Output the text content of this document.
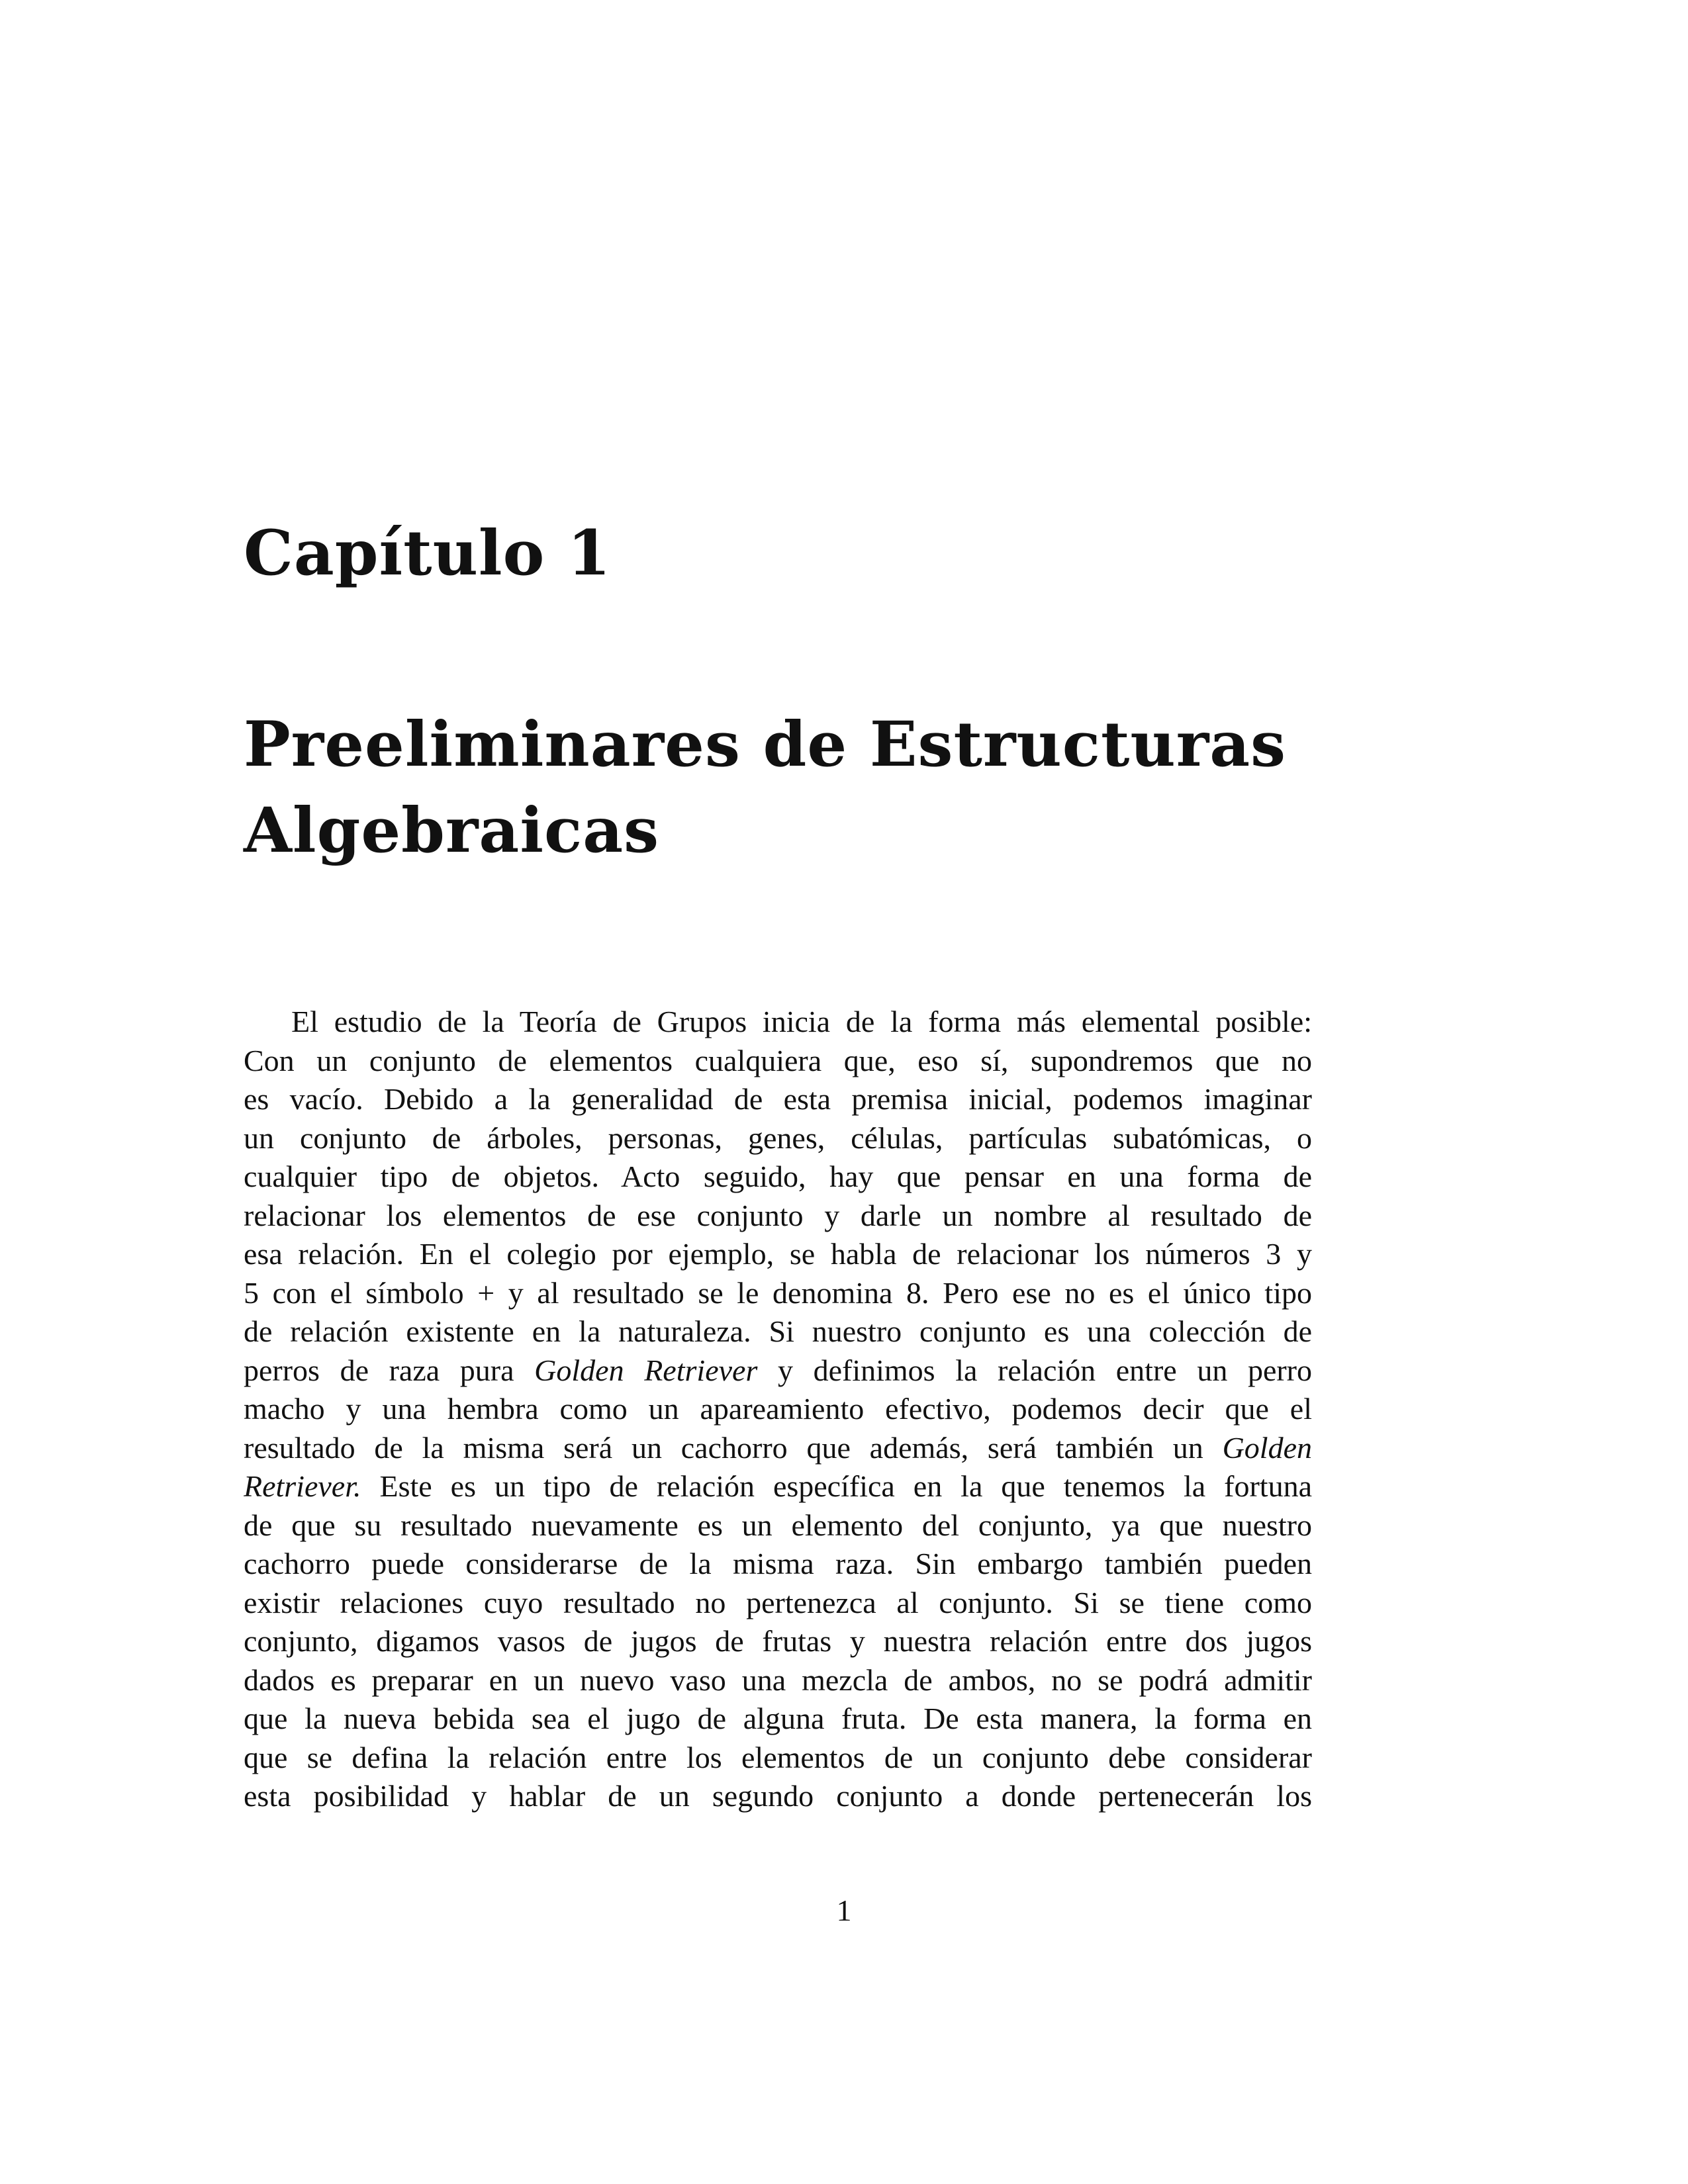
Capítulo 1
Preeliminares de Estructuras
Algebraicas
El estudio de la Teoría de Grupos inicia de la forma más elemental posible:
Con un conjunto de elementos cualquiera que, eso sí, supondremos que no
es vacío. Debido a la generalidad de esta premisa inicial, podemos imaginar
un conjunto de árboles, personas, genes, células, partículas subatómicas, o
cualquier tipo de objetos. Acto seguido, hay que pensar en una forma de
relacionar los elementos de ese conjunto y darle un nombre al resultado de
esa relación. En el colegio por ejemplo, se habla de relacionar los números 3 y
5 con el símbolo + y al resultado se le denomina 8. Pero ese no es el único tipo
de relación existente en la naturaleza. Si nuestro conjunto es una colección de
perros de raza pura Golden Retriever y definimos la relación entre un perro
macho y una hembra como un apareamiento efectivo, podemos decir que el
resultado de la misma será un cachorro que además, será también un Golden
Retriever. Este es un tipo de relación específica en la que tenemos la fortuna
de que su resultado nuevamente es un elemento del conjunto, ya que nuestro
cachorro puede considerarse de la misma raza. Sin embargo también pueden
existir relaciones cuyo resultado no pertenezca al conjunto. Si se tiene como
conjunto, digamos vasos de jugos de frutas y nuestra relación entre dos jugos
dados es preparar en un nuevo vaso una mezcla de ambos, no se podrá admitir
que la nueva bebida sea el jugo de alguna fruta. De esta manera, la forma en
que se defina la relación entre los elementos de un conjunto debe considerar
esta posibilidad y hablar de un segundo conjunto a donde pertenecerán los

1
